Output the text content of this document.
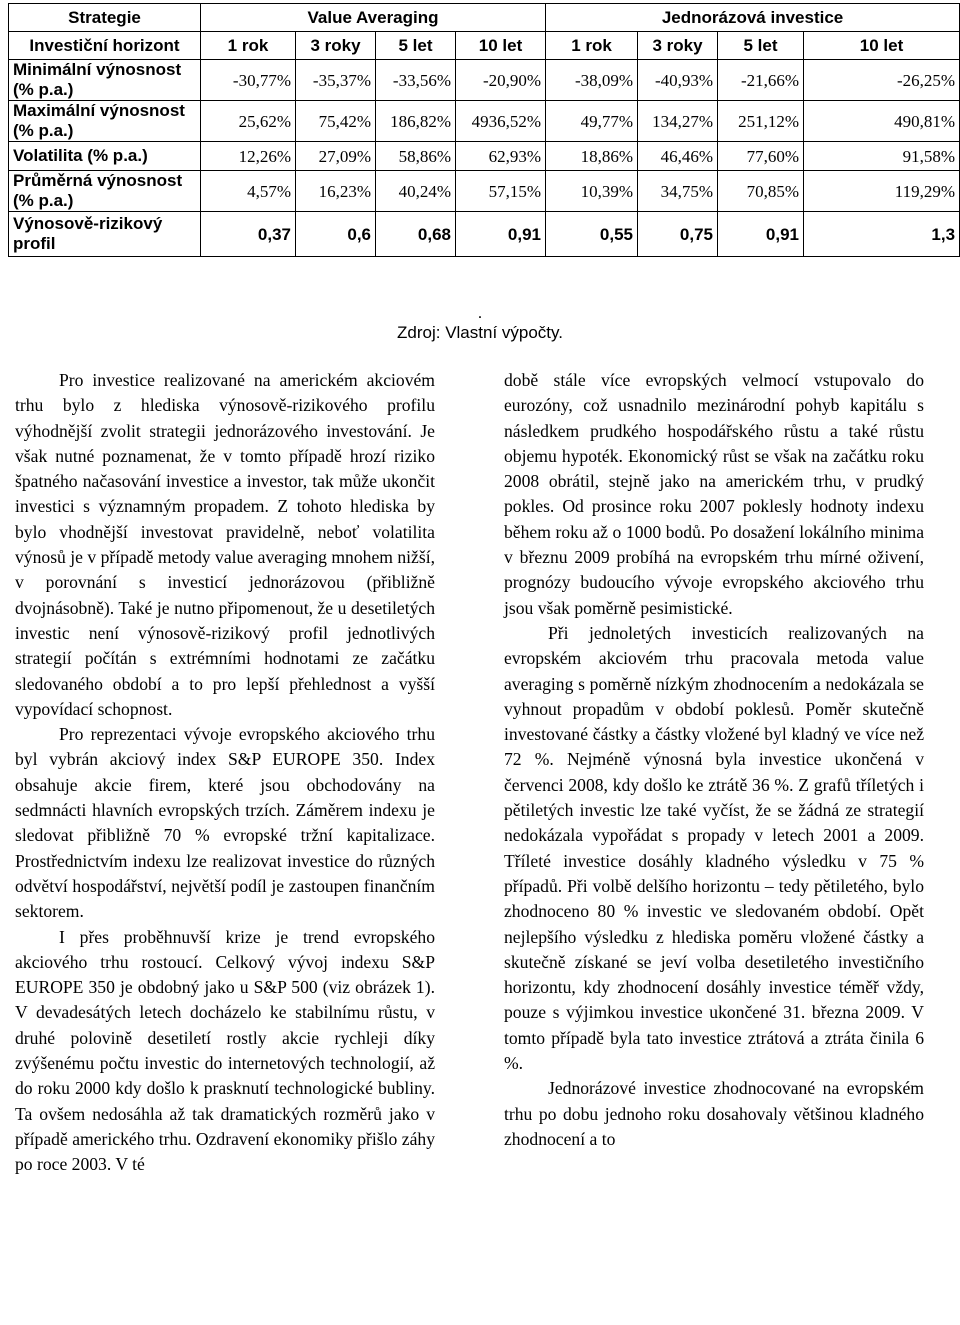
Strategie	Value Averaging				Jednorázová investice			
Investiční horizont	1 rok	3 roky	5 let	10 let	1 rok	3 roky	5 let	10 let
Minimální výnosnost (% p.a.)	-30,77%	-35,37%	-33,56%	-20,90%	-38,09%	-40,93%	-21,66%	-26,25%
Maximální výnosnost (% p.a.)	25,62%	75,42%	186,82%	4936,52%	49,77%	134,27%	251,12%	490,81%
Volatilita (% p.a.)	12,26%	27,09%	58,86%	62,93%	18,86%	46,46%	77,60%	91,58%
Průměrná výnosnost (% p.a.)	4,57%	16,23%	40,24%	57,15%	10,39%	34,75%	70,85%	119,29%
Výnosově-rizikový profil	0,37	0,6	0,68	0,91	0,55	0,75	0,91	1,3
.
Zdroj: Vlastní výpočty.

Pro investice realizované na americkém akciovém trhu bylo z hlediska výnosově-rizikového profilu výhodnější zvolit strategii jednorázového investování. Je však nutné poznamenat, že v tomto případě hrozí riziko špatného načasování investice a investor, tak může ukončit investici s významným propadem. Z tohoto hlediska by bylo vhodnější investovat pravidelně, neboť volatilita výnosů je v případě metody value averaging mnohem nižší, v porovnání s investicí jednorázovou (přibližně dvojnásobně). Také je nutno připomenout, že u desetiletých investic není výnosově-rizikový profil jednotlivých strategií počítán s extrémními hodnotami ze začátku sledovaného období a to pro lepší přehlednost a vyšší vypovídací schopnost.

Pro reprezentaci vývoje evropského akciového trhu byl vybrán akciový index S&P EUROPE 350. Index obsahuje akcie firem, které jsou obchodovány na sedmnácti hlavních evropských trzích. Záměrem indexu je sledovat přibližně 70 % evropské tržní kapitalizace. Prostřednictvím indexu lze realizovat investice do různých odvětví hospodářství, největší podíl je zastoupen finančním sektorem.

I přes proběhnuvší krize je trend evropského akciového trhu rostoucí. Celkový vývoj indexu S&P EUROPE 350 je obdobný jako u S&P 500 (viz obrázek 1). V devadesátých letech docházelo ke stabilnímu růstu, v druhé polovině desetiletí rostly akcie rychleji díky zvýšenému počtu investic do internetových technologií, až do roku 2000 kdy došlo k prasknutí technologické bubliny. Ta ovšem nedosáhla až tak dramatických rozměrů jako v případě amerického trhu. Ozdravení ekonomiky přišlo záhy po roce 2003. V té

době stále více evropských velmocí vstupovalo do eurozóny, což usnadnilo mezinárodní pohyb kapitálu s následkem prudkého hospodářského růstu a také růstu objemu hypoték. Ekonomický růst se však na začátku roku 2008 obrátil, stejně jako na americkém trhu, v prudký pokles. Od prosince roku 2007 poklesly hodnoty indexu během roku až o 1000 bodů. Po dosažení lokálního minima v březnu 2009 probíhá na evropském trhu mírné oživení, prognózy budoucího vývoje evropského akciového trhu jsou však poměrně pesimistické.

Při jednoletých investicích realizovaných na evropském akciovém trhu pracovala metoda value averaging s poměrně nízkým zhodnocením a nedokázala se vyhnout propadům v období poklesů. Poměr skutečně investované částky a částky vložené byl kladný ve více než 72 %. Nejméně výnosná byla investice ukončená v červenci 2008, kdy došlo ke ztrátě 36 %. Z grafů tříletých i pětiletých investic lze také vyčíst, že se žádná ze strategií nedokázala vypořádat s propady v letech 2001 a 2009. Tříleté investice dosáhly kladného výsledku v 75 % případů. Při volbě delšího horizontu – tedy pětiletého, bylo zhodnoceno 80 % investic ve sledovaném období. Opět nejlepšího výsledku z hlediska poměru vložené částky a skutečně získané se jeví volba desetiletého investičního horizontu, kdy zhodnocení dosáhly investice téměř vždy, pouze s výjimkou investice ukončené 31. března 2009. V tomto případě byla tato investice ztrátová a ztráta činila 6 %.

Jednorázové investice zhodnocované na evropském trhu po dobu jednoho roku dosahovaly většinou kladného zhodnocení a to
